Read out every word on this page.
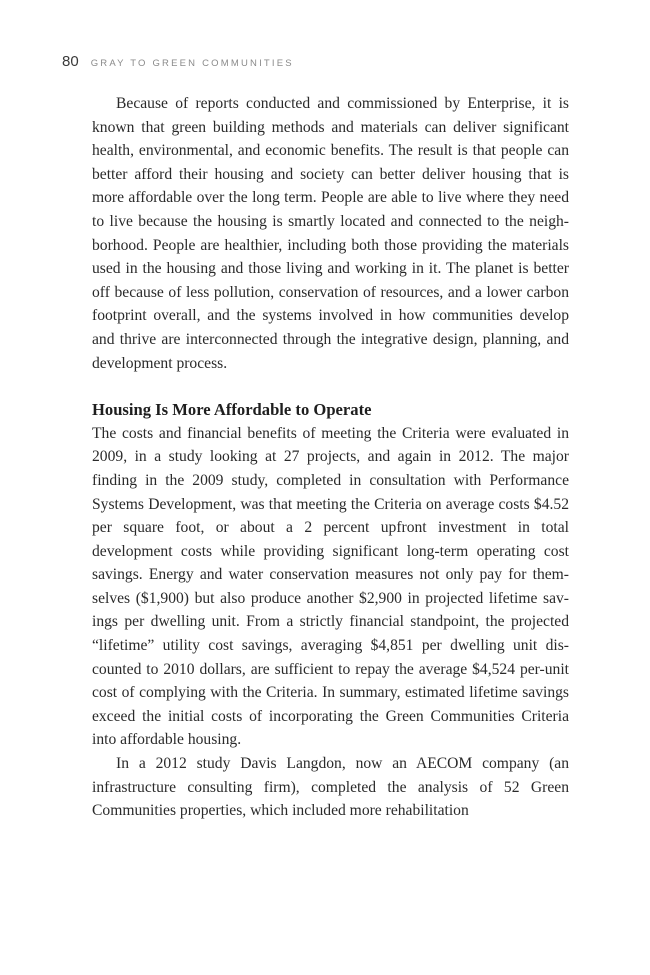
80 GRAY TO GREEN COMMUNITIES

Because of reports conducted and commissioned by Enterprise, it is known that green building methods and materials can deliver significant health, environmental, and economic benefits. The result is that people can better afford their housing and society can better deliver housing that is more affordable over the long term. People are able to live where they need to live because the housing is smartly located and connected to the neighborhood. People are healthier, including both those providing the materials used in the housing and those living and working in it. The planet is better off because of less pollution, conservation of resources, and a lower carbon footprint overall, and the systems involved in how communities develop and thrive are interconnected through the integrative design, planning, and development process.

Housing Is More Affordable to Operate

The costs and financial benefits of meeting the Criteria were evaluated in 2009, in a study looking at 27 projects, and again in 2012. The major finding in the 2009 study, completed in consultation with Performance Systems Development, was that meeting the Criteria on average costs $4.52 per square foot, or about a 2 percent upfront investment in total development costs while providing significant long-term operating cost savings. Energy and water conservation measures not only pay for themselves ($1,900) but also produce another $2,900 in projected lifetime savings per dwelling unit. From a strictly financial standpoint, the projected “lifetime” utility cost savings, averaging $4,851 per dwelling unit discounted to 2010 dollars, are sufficient to repay the average $4,524 per-unit cost of complying with the Criteria. In summary, estimated lifetime savings exceed the initial costs of incorporating the Green Communities Criteria into affordable housing.

In a 2012 study Davis Langdon, now an AECOM company (an infrastructure consulting firm), completed the analysis of 52 Green Communities properties, which included more rehabilitation
